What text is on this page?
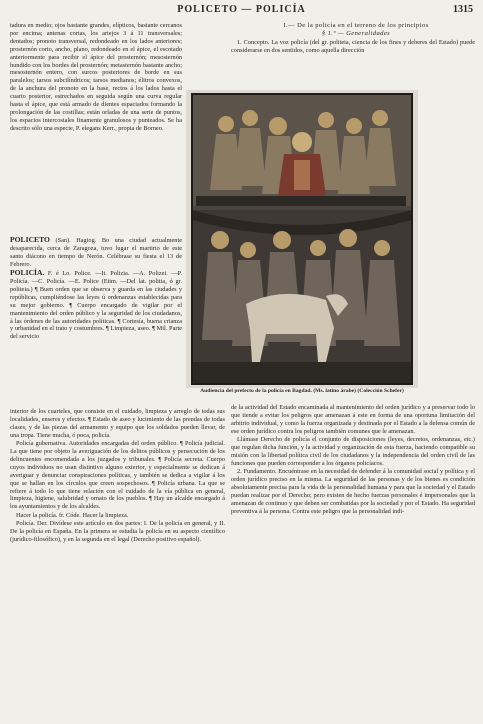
POLICETO — POLICÍA	1315

tadura en medio; ojos bastante grandes, elípticos, bastante cercanos por encima; antenas cortas, los artejos 3 á 11 transversales; dentados; pronoto transversal, redondeado en los lados anteriores; prosternón corto, ancho, plano, redondeado en el ápice, el escotado anteriormente para recibir el ápice del prosternón; mesosternón hundido con los bordes del prosternón; metasternón bastante ancho; mesosternón entero, con surcos posteriores de borde en sus paralelos; tarsos subcilíndricos; tarsos medianos; élitros convexos, de la anchura del pronoto en la base, rectos á los lados hasta el cuarto posterior, estrechados en seguida según una curva regular hasta el ápice, que está armado de dientes espaciados formando la prolongación de las costillas; están orladas de una serie de puntos, los espacios intercostales finamente granulosos y punteados. Se ha descrito sólo una especie, P. elegans Kerr., propia de Borneo.

POLICETO (San). Hagiog. Bo una ciudad actualmente desaparecida, cerca de Zaragoza, tuvo lugar el martirio de este santo diácono en tiempo de Nerón. Celébrase su fiesta el 13 de Febrero.

POLICÍA. F. é Lo. Police. —It. Polizia. —A. Polizei. —P. Policía. —C. Policía. —E. Police (Etim. —Del lat. politia, ó gr. politeia.) ¶ Buen orden que se observa y guarda en las ciudades y repúblicas, cumpliéndose las leyes ú ordenanzas establecidas para su mejor gobierno. ¶ Cuerpo encargado de vigilar por el mantenimiento del orden público y la seguridad de los ciudadanos, á las órdenes de las autoridades políticas. ¶ Cortesía, buena crianza y urbanidad en el trato y costumbres. ¶ Limpieza, aseo. ¶ Mil. Parte del servicio

I.— De la policía en el terreno de los principios

§ 1.º — Generalidades

1. Concepto. La voz policía (del gr. politeia, ciencia de los fines y deberes del Estado) puede considerarse en dos sentidos, como aquella dirección

Audiencia del prefecto de la policía en Bagdad. (Ms. latino árabe) (Colección Schefer)

interior de los cuarteles, que consiste en el cuidado, limpieza y arreglo de todas sus localidades, enseres y efectos. ¶ Estado de aseo y lucimiento de las prendas de todas clases, y de las piezas del armamento y equipo que los soldados pueden llevar, de una tropa. Tiene mucha, ó poca, policía.

Policía gubernativa. Autoridades encargadas del orden público. ¶ Policía judicial. La que tiene por objeto la averiguación de los delitos públicos y persecución de los delincuentes encomendada a los juzgados y tribunales. ¶ Policía secreta. Cuerpo cuyos individuos no usan distintivo alguno exterior, y especialmente se dedican á averiguar y denunciar conspiraciones políticas, y también se dedica a vigilar á los que se hallan en los círculos que creen sospechosos. ¶ Policía urbana. La que se refiere á todo lo que tiene relación con el cuidado de la vía pública en general, limpieza, higiene, salubridad y ornato de los pueblos. ¶ Hay un alcalde encargado á los ayuntamientos y de los alcaldes.

Hacer la policía. fr. Códe. Hacer la limpieza.

Policía. Der. Divídese este artículo en dos partes: I. De la policía en general, y II. De la policía en España. En la primera se estudia la policía en su aspecto científico (jurídico-filosófico), y en la segunda en el legal (Derecho positivo español).

de la actividad del Estado encaminada al mantenimiento del orden jurídico y a preservar todo lo que tiende a evitar los peligros que amenazan á este en forma de una oportuna limitación del arbitrio individual, y como la fuerza organizada y destinada por el Estado a la defensa común de ese orden jurídico contra los peligros también comunes que le amenazan.

Llámase Derecho de policía el conjunto de disposiciones (leyes, decretos, ordenanzas, etc.) que regulan dicha función, y la actividad y organización de esta fuerza, haciendo compatible su misión con la libertad política civil de los ciudadanos y la independencia del orden civil de las funciones que pueden corresponder a los órganos policíacos.

2. Fundamento. Encuéntrase en la necesidad de defender á la comunidad social y política y el orden jurídico preciso en la misma. La seguridad de las personas y de los bienes es condición absolutamente precisa para la vida de la personalidad humana y para que la sociedad y el Estado puedan realizar por el Derecho; pero existen de hecho fuerzas personales é impersonales que la amenazan de continuo y que deben ser combatidas por la sociedad y por el Estado. Ha seguridad preventiva á la persona. Contra este peligro que la personalidad indi-
